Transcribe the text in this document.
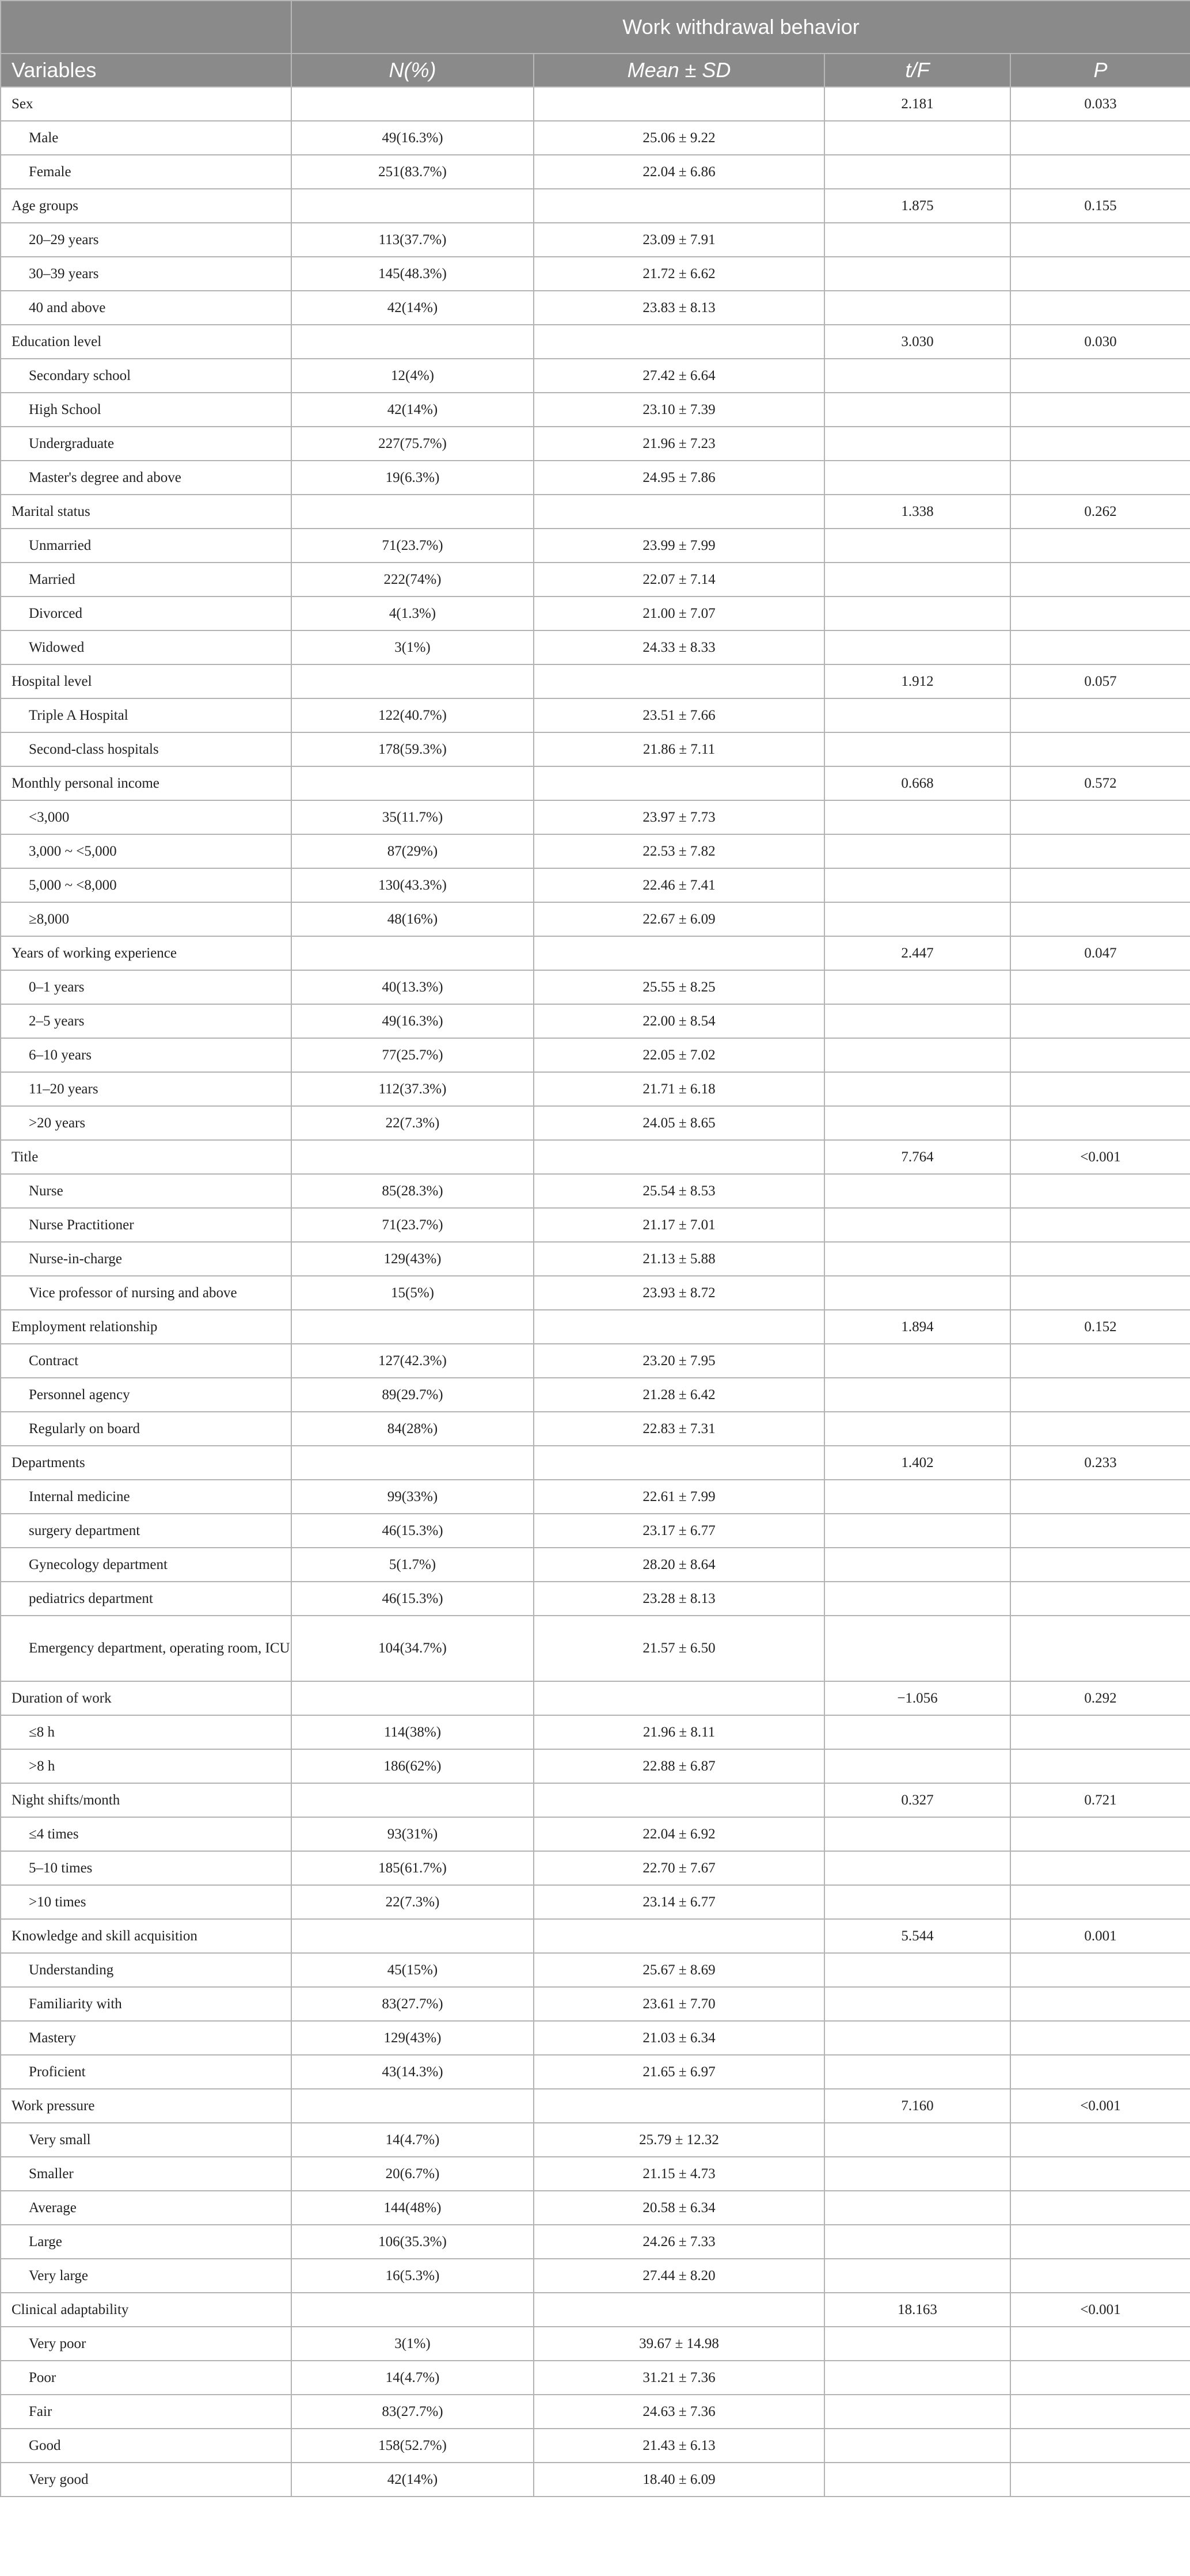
	Work withdrawal behavior			
Variables	N(%)	Mean ± SD	t/F	P
Sex			2.181	0.033
Male	49(16.3%)	25.06 ± 9.22		
Female	251(83.7%)	22.04 ± 6.86		
Age groups			1.875	0.155
20–29 years	113(37.7%)	23.09 ± 7.91		
30–39 years	145(48.3%)	21.72 ± 6.62		
40 and above	42(14%)	23.83 ± 8.13		
Education level			3.030	0.030
Secondary school	12(4%)	27.42 ± 6.64		
High School	42(14%)	23.10 ± 7.39		
Undergraduate	227(75.7%)	21.96 ± 7.23		
Master's degree and above	19(6.3%)	24.95 ± 7.86		
Marital status			1.338	0.262
Unmarried	71(23.7%)	23.99 ± 7.99		
Married	222(74%)	22.07 ± 7.14		
Divorced	4(1.3%)	21.00 ± 7.07		
Widowed	3(1%)	24.33 ± 8.33		
Hospital level			1.912	0.057
Triple A Hospital	122(40.7%)	23.51 ± 7.66		
Second-class hospitals	178(59.3%)	21.86 ± 7.11		
Monthly personal income			0.668	0.572
<3,000	35(11.7%)	23.97 ± 7.73		
3,000 ~ <5,000	87(29%)	22.53 ± 7.82		
5,000 ~ <8,000	130(43.3%)	22.46 ± 7.41		
≥8,000	48(16%)	22.67 ± 6.09		
Years of working experience			2.447	0.047
0–1 years	40(13.3%)	25.55 ± 8.25		
2–5 years	49(16.3%)	22.00 ± 8.54		
6–10 years	77(25.7%)	22.05 ± 7.02		
11–20 years	112(37.3%)	21.71 ± 6.18		
>20 years	22(7.3%)	24.05 ± 8.65		
Title			7.764	<0.001
Nurse	85(28.3%)	25.54 ± 8.53		
Nurse Practitioner	71(23.7%)	21.17 ± 7.01		
Nurse-in-charge	129(43%)	21.13 ± 5.88		
Vice professor of nursing and above	15(5%)	23.93 ± 8.72		
Employment relationship			1.894	0.152
Contract	127(42.3%)	23.20 ± 7.95		
Personnel agency	89(29.7%)	21.28 ± 6.42		
Regularly on board	84(28%)	22.83 ± 7.31		
Departments			1.402	0.233
Internal medicine	99(33%)	22.61 ± 7.99		
surgery department	46(15.3%)	23.17 ± 6.77		
Gynecology department	5(1.7%)	28.20 ± 8.64		
pediatrics department	46(15.3%)	23.28 ± 8.13		
Emergency department, operating room, ICU	104(34.7%)	21.57 ± 6.50		
Duration of work			−1.056	0.292
≤8 h	114(38%)	21.96 ± 8.11		
>8 h	186(62%)	22.88 ± 6.87		
Night shifts/month			0.327	0.721
≤4 times	93(31%)	22.04 ± 6.92		
5–10 times	185(61.7%)	22.70 ± 7.67		
>10 times	22(7.3%)	23.14 ± 6.77		
Knowledge and skill acquisition			5.544	0.001
Understanding	45(15%)	25.67 ± 8.69		
Familiarity with	83(27.7%)	23.61 ± 7.70		
Mastery	129(43%)	21.03 ± 6.34		
Proficient	43(14.3%)	21.65 ± 6.97		
Work pressure			7.160	<0.001
Very small	14(4.7%)	25.79 ± 12.32		
Smaller	20(6.7%)	21.15 ± 4.73		
Average	144(48%)	20.58 ± 6.34		
Large	106(35.3%)	24.26 ± 7.33		
Very large	16(5.3%)	27.44 ± 8.20		
Clinical adaptability			18.163	<0.001
Very poor	3(1%)	39.67 ± 14.98		
Poor	14(4.7%)	31.21 ± 7.36		
Fair	83(27.7%)	24.63 ± 7.36		
Good	158(52.7%)	21.43 ± 6.13		
Very good	42(14%)	18.40 ± 6.09		
